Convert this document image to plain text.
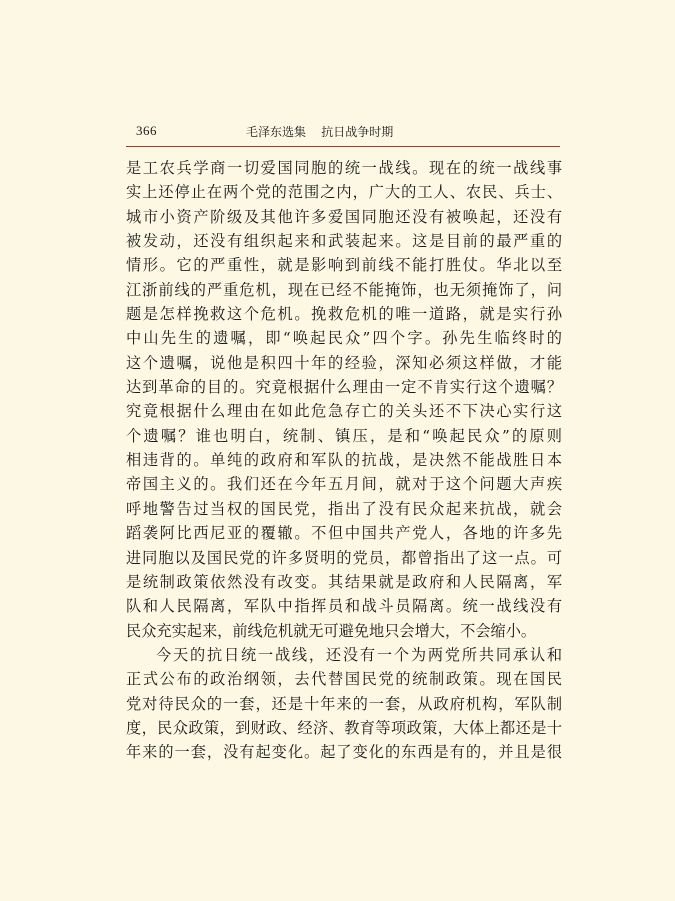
366	毛泽东选集    抗日战争时期
是工农兵学商一切爱国同胞的统一战线。现在的统一战线事
实上还停止在两个党的范围之内，广大的工人、农民、兵士、
城市小资产阶级及其他许多爱国同胞还没有被唤起，还没有
被发动，还没有组织起来和武装起来。这是目前的最严重的
情形。它的严重性，就是影响到前线不能打胜仗。华北以至
江浙前线的严重危机，现在已经不能掩饰，也无须掩饰了，问
题是怎样挽救这个危机。挽救危机的唯一道路，就是实行孙
中山先生的遗嘱，即“唤起民众”四个字。孙先生临终时的
这个遗嘱，说他是积四十年的经验，深知必须这样做，才能
达到革命的目的。究竟根据什么理由一定不肯实行这个遗嘱？
究竟根据什么理由在如此危急存亡的关头还不下决心实行这
个遗嘱？谁也明白，统制、镇压，是和“唤起民众”的原则
相违背的。单纯的政府和军队的抗战，是决然不能战胜日本
帝国主义的。我们还在今年五月间，就对于这个问题大声疾
呼地警告过当权的国民党，指出了没有民众起来抗战，就会
蹈袭阿比西尼亚的覆辙。不但中国共产党人，各地的许多先
进同胞以及国民党的许多贤明的党员，都曾指出了这一点。可
是统制政策依然没有改变。其结果就是政府和人民隔离，军
队和人民隔离，军队中指挥员和战斗员隔离。统一战线没有
民众充实起来，前线危机就无可避免地只会增大，不会缩小。
今天的抗日统一战线，还没有一个为两党所共同承认和
正式公布的政治纲领，去代替国民党的统制政策。现在国民
党对待民众的一套，还是十年来的一套，从政府机构，军队制
度，民众政策，到财政、经济、教育等项政策，大体上都还是十
年来的一套，没有起变化。起了变化的东西是有的，并且是很
